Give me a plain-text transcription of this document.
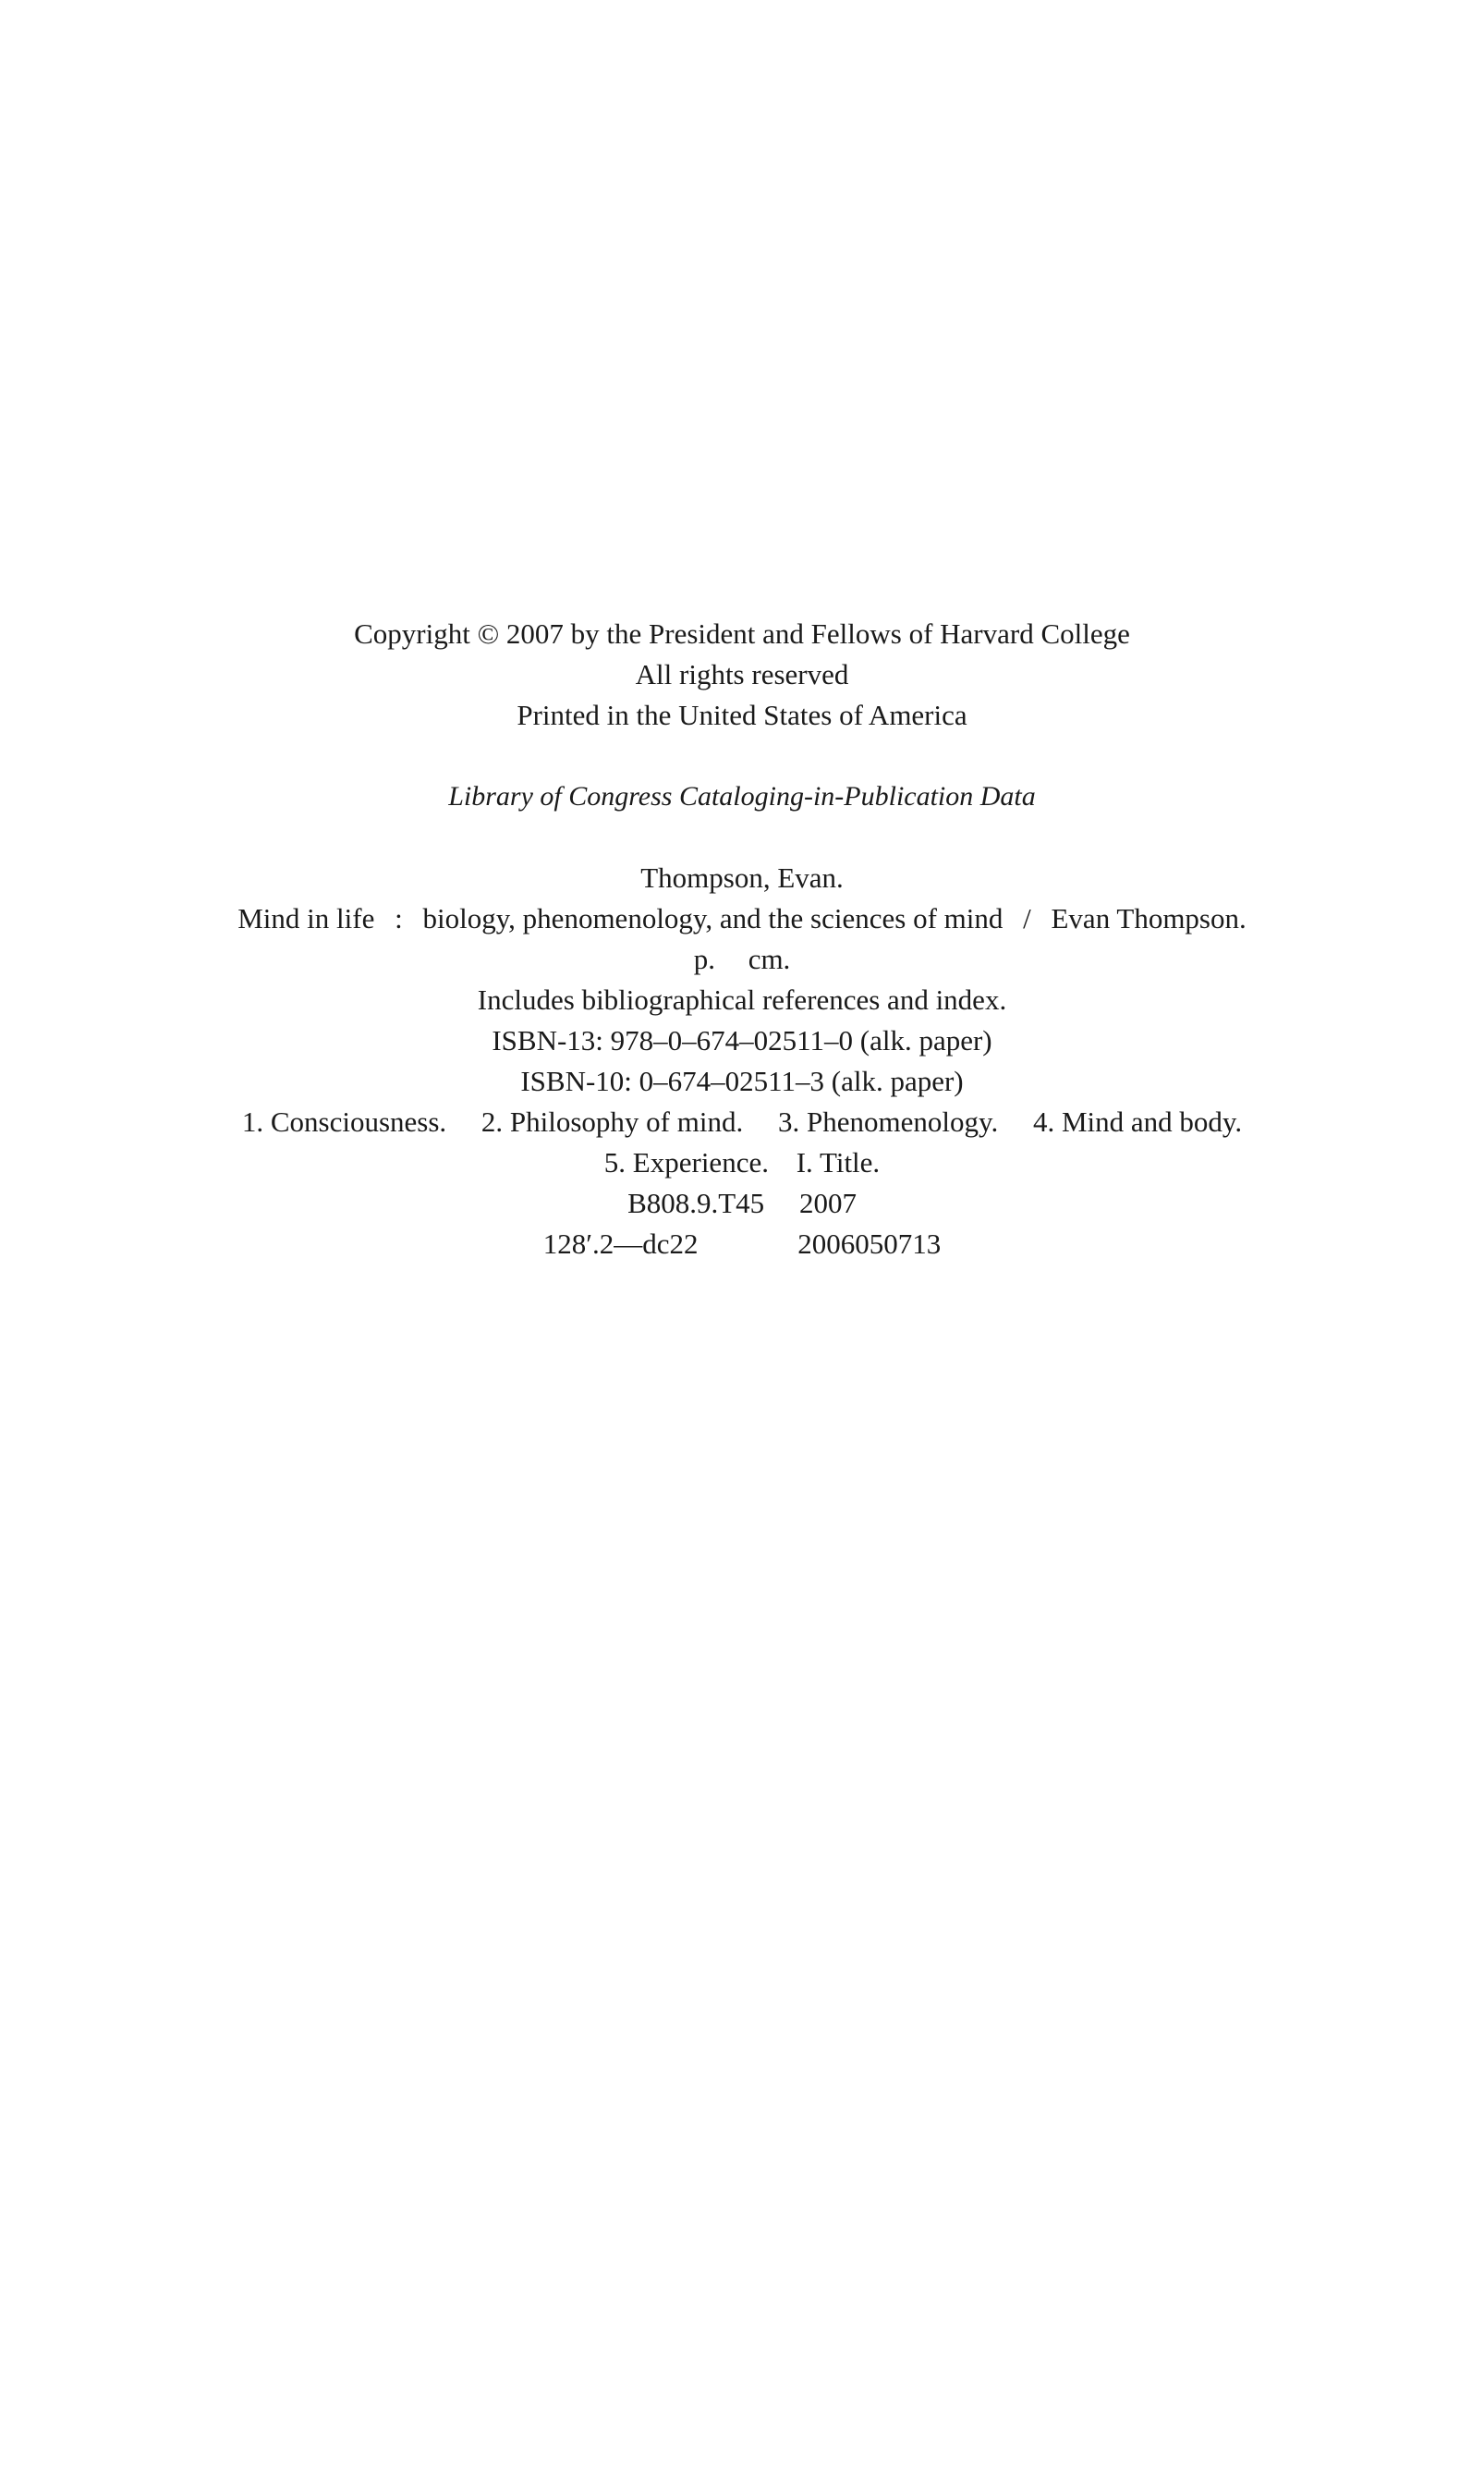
Copyright © 2007 by the President and Fellows of Harvard College
All rights reserved
Printed in the United States of America
Library of Congress Cataloging-in-Publication Data
Thompson, Evan.
Mind in life : biology, phenomenology, and the sciences of mind / Evan Thompson.
p. cm.
Includes bibliographical references and index.
ISBN-13: 978–0–674–02511–0 (alk. paper)
ISBN-10: 0–674–02511–3 (alk. paper)
1. Consciousness. 2. Philosophy of mind. 3. Phenomenology. 4. Mind and body.
5. Experience. I. Title.
B808.9.T45 2007
128′.2—dc22	2006050713
